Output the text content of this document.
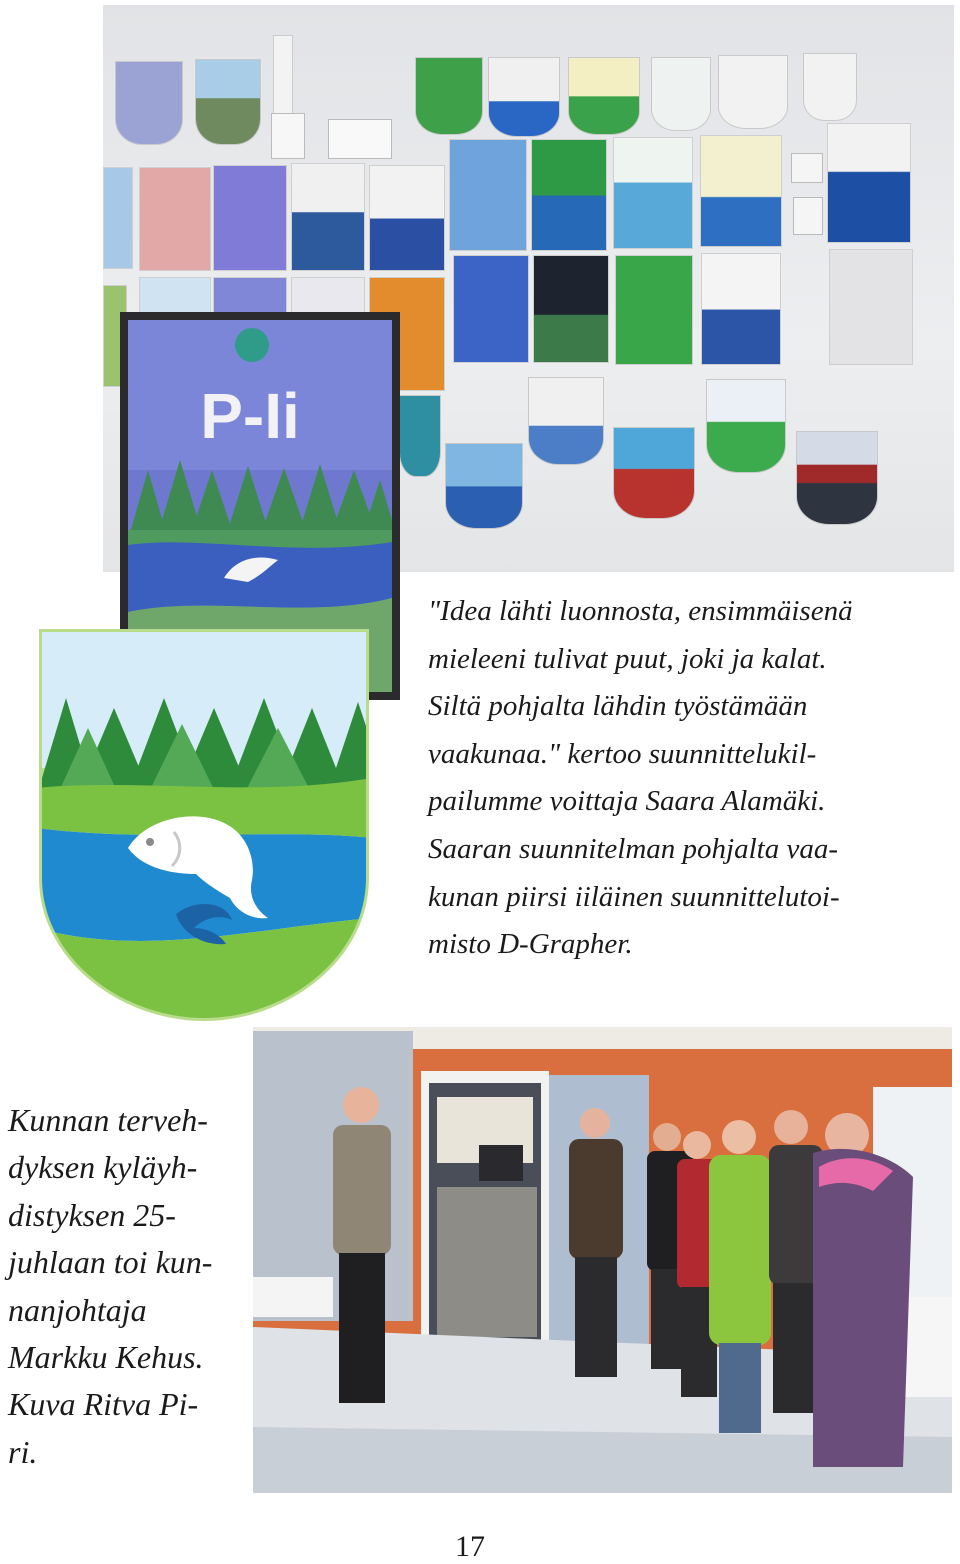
P-Ii
"Idea lähti luonnosta, ensimmäisenä
mieleeni tulivat puut, joki ja kalat.
Siltä pohjalta lähdin työstämään
vaakunaa." kertoo suunnittelukil-
pailumme voittaja Saara Alamäki.
Saaran suunnitelman pohjalta vaa-
kunan piirsi iiläinen suunnittelutoi-
misto D-Grapher.
Kunnan terveh-
dyksen kyläyh-
distyksen 25-
juhlaan toi kun-
nanjohtaja
Markku Kehus.
Kuva Ritva Pi-
ri.
17
